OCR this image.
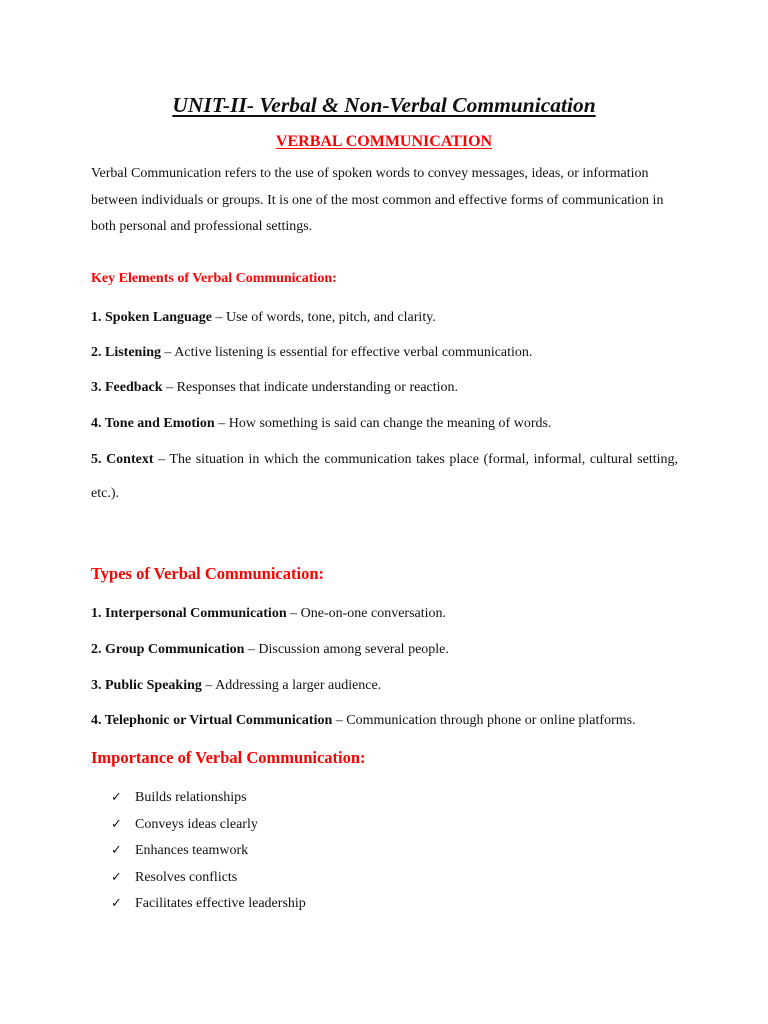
UNIT-II- Verbal & Non-Verbal Communication
VERBAL COMMUNICATION

Verbal Communication refers to the use of spoken words to convey messages, ideas, or information between individuals or groups. It is one of the most common and effective forms of communication in both personal and professional settings.

Key Elements of Verbal Communication:

1. Spoken Language – Use of words, tone, pitch, and clarity.

2. Listening – Active listening is essential for effective verbal communication.

3. Feedback – Responses that indicate understanding or reaction.

4. Tone and Emotion – How something is said can change the meaning of words.

5. Context – The situation in which the communication takes place (formal, informal, cultural setting, etc.).

Types of Verbal Communication:

1. Interpersonal Communication – One-on-one conversation.

2. Group Communication – Discussion among several people.

3. Public Speaking – Addressing a larger audience.

4. Telephonic or Virtual Communication – Communication through phone or online platforms.

Importance of Verbal Communication:
✓ Builds relationships
✓ Conveys ideas clearly
✓ Enhances teamwork
✓ Resolves conflicts
✓ Facilitates effective leadership
